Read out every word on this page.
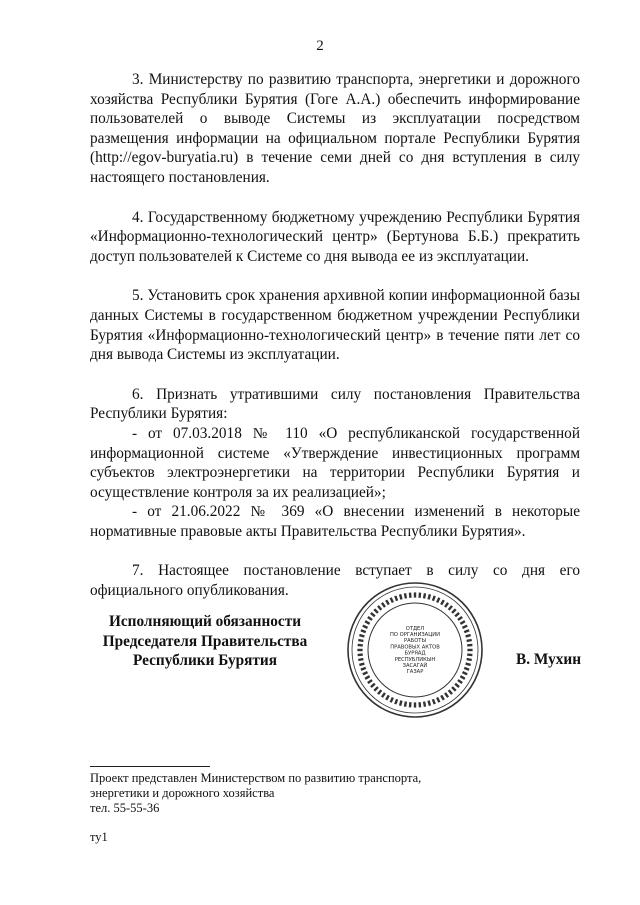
2

3. Министерству по развитию транспорта, энергетики и дорожного хозяйства Республики Бурятия (Гоге А.А.) обеспечить информирование пользователей о выводе Системы из эксплуатации посредством размещения информации на официальном портале Республики Бурятия (http://egov-buryatia.ru) в течение семи дней со дня вступления в силу настоящего постановления.

4. Государственному бюджетному учреждению Республики Бурятия «Информационно-технологический центр» (Бертунова Б.Б.) прекратить доступ пользователей к Системе со дня вывода ее из эксплуатации.

5. Установить срок хранения архивной копии информационной базы данных Системы в государственном бюджетном учреждении Республики Бурятия «Информационно-технологический центр» в течение пяти лет со дня вывода Системы из эксплуатации.

6. Признать утратившими силу постановления Правительства Республики Бурятия:

- от 07.03.2018 № 110 «О республиканской государственной информационной системе «Утверждение инвестиционных программ субъектов электроэнергетики на территории Республики Бурятия и осуществление контроля за их реализацией»;

- от 21.06.2022 № 369 «О внесении изменений в некоторые нормативные правовые акты Правительства Республики Бурятия».

7. Настоящее постановление вступает в силу со дня его официального опубликования.

Исполняющий обязанности
Председателя Правительства
Республики Бурятия
ОТДЕЛ
ПО ОРГАНИЗАЦИИ
РАБОТЫ
ПРАВОВЫХ АКТОВ
БУРЯАД
РЕСПУБЛИКЫН
ЗАСАГАЙ
ГАЗАР
В. Мухин
Проект представлен Министерством по развитию транспорта,
энергетики и дорожного хозяйства
тел. 55-55-36
ту1
